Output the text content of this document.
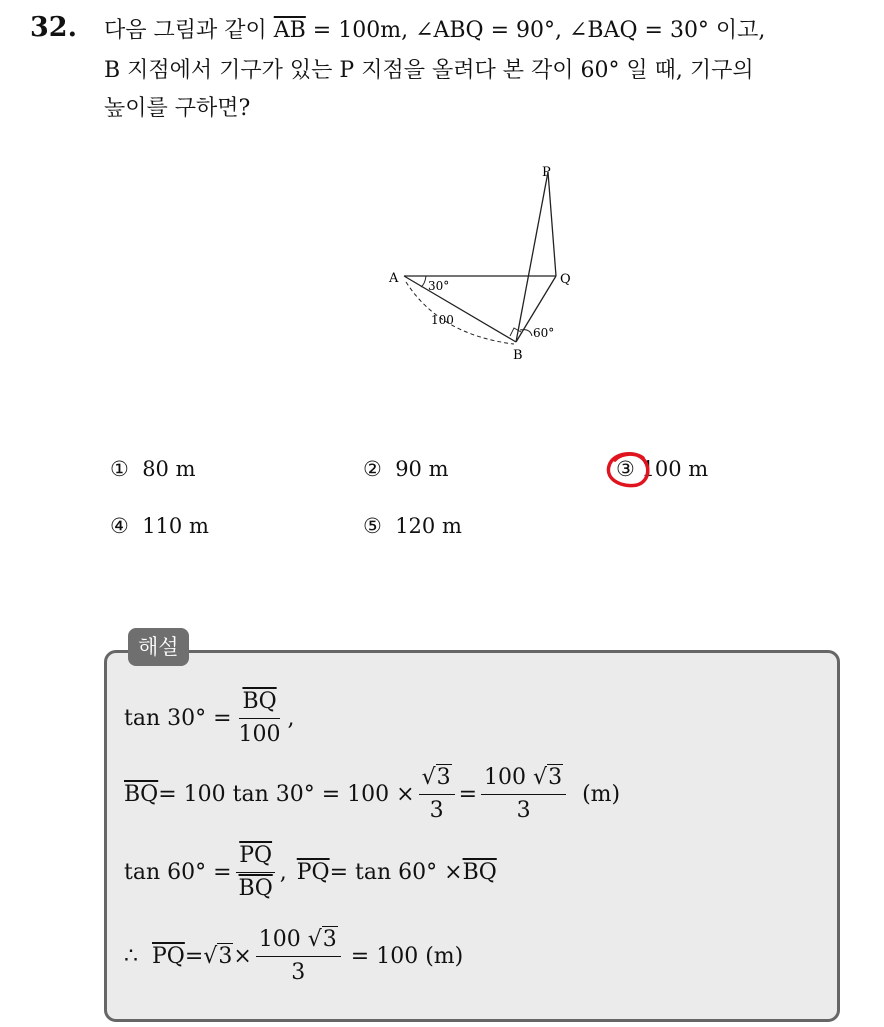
32. 다음 그림과 같이 $\overline{AB} = 100m$, ∠ABQ = 90°, ∠BAQ = 30° 이고,
B 지점에서 기구가 있는 P 지점을 올려다 본 각이 60° 일 때, 기구의
높이를 구하면?
P
A	Q
B
30°
100
60°
① 80 m	② 90 m	③ 100 m
④ 110 m	⑤ 120 m
해설
$\tan 30^\circ = \frac{\overline{BQ}}{100}$ ,
$\overline{BQ} = 100$ $\tan 30^\circ = 100 \times \frac{√3}{3} = \frac{100 √3}{3} (m)$
$\tan 60^\circ = \frac{\overline{PQ}}{BQ}$ , $\overline{PQ} = \tan 60^\circ \times \overline{BQ}$
∴ $\overline{PQ} = √3 \times \frac{100 √3}{3} = 100$ (m)
